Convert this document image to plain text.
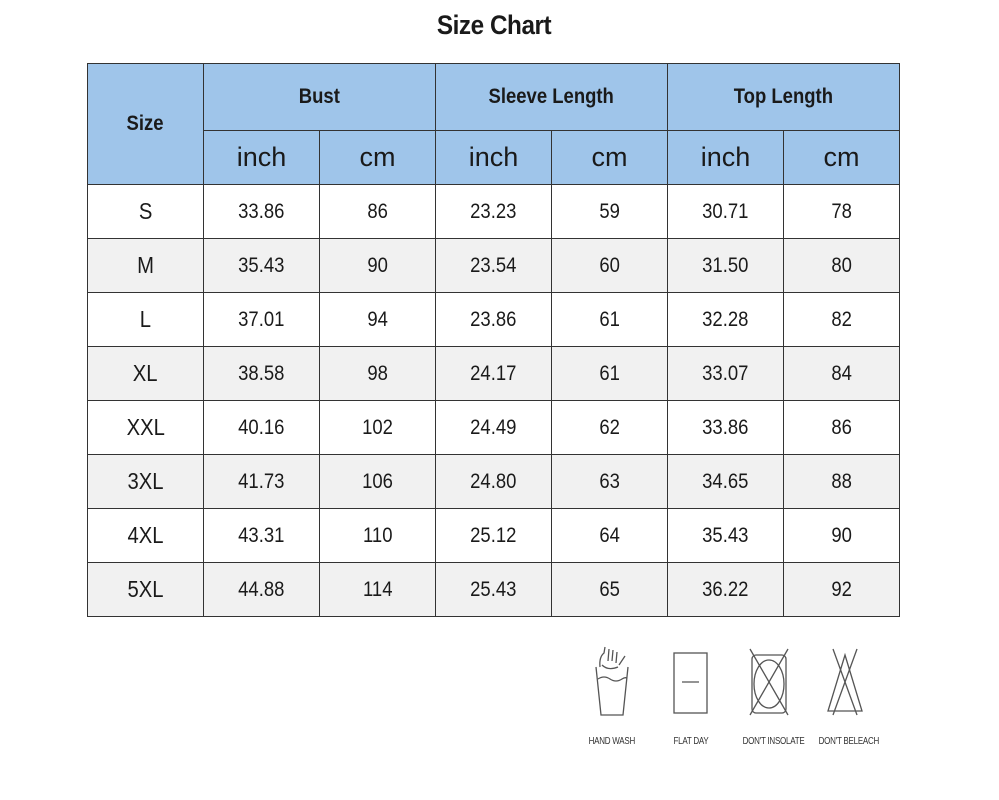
Size Chart
Size	Bust		Sleeve Length		Top Length	
	inch	cm	inch	cm	inch	cm
S	33.86	86	23.23	59	30.71	78
M	35.43	90	23.54	60	31.50	80
L	37.01	94	23.86	61	32.28	82
XL	38.58	98	24.17	61	33.07	84
XXL	40.16	102	24.49	62	33.86	86
3XL	41.73	106	24.80	63	34.65	88
4XL	43.31	110	25.12	64	35.43	90
5XL	44.88	114	25.43	65	36.22	92
HAND WASH	FLAT DAY	DON'T INSOLATE DON'T BELEACH
